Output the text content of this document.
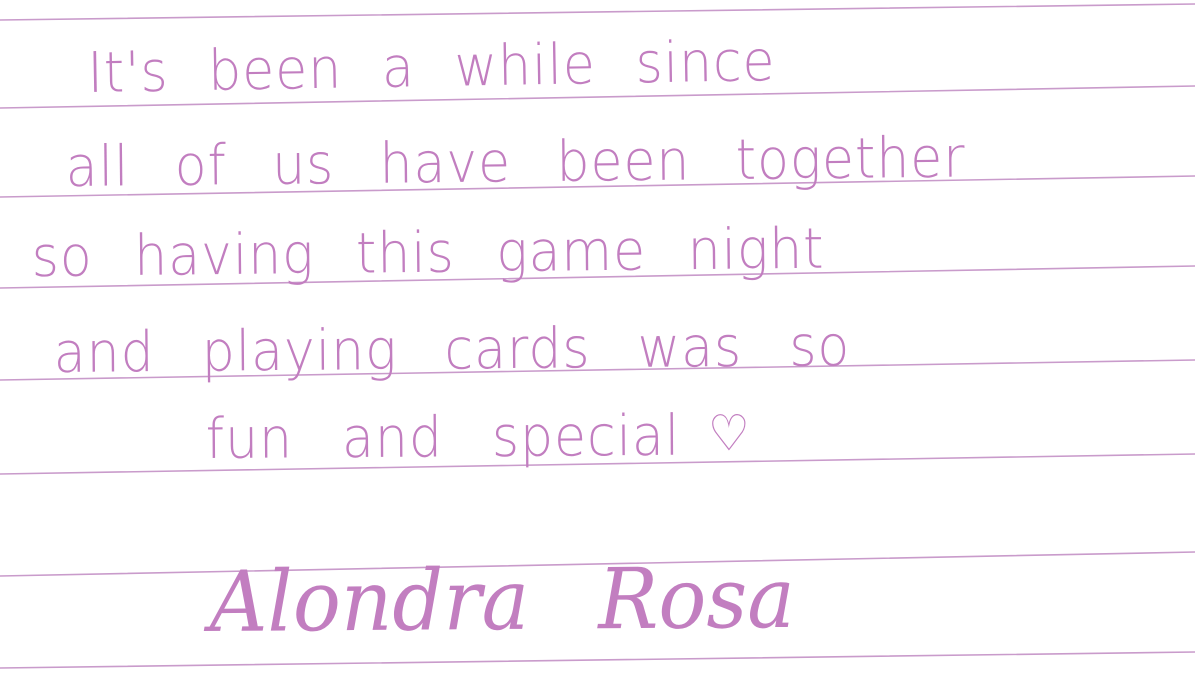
It's been a while since
all of us have been together
so having this game night
and playing cards was so
fun and special ♡
Alondra Rosa
